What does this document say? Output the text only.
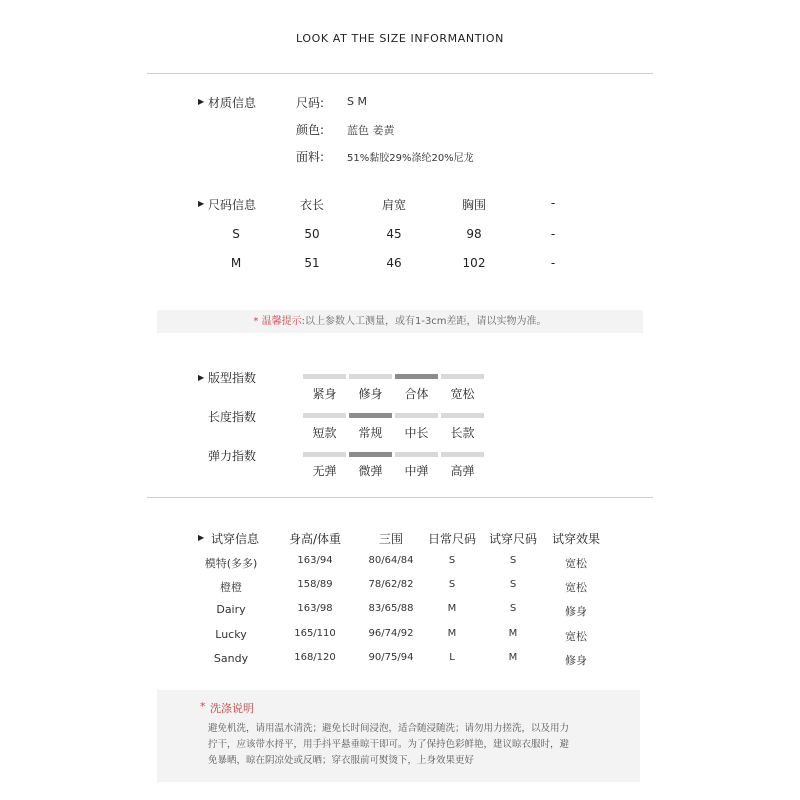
LOOK AT THE SIZE INFORMANTION
▶ 材质信息	尺码: S M
颜色: 蓝色 姜黄
面料: 51%黏胶29%涤纶20%尼龙
▶ 尺码信息	衣长	肩宽	胸围	-
S	50	45	98	-
M	51	46	102	-
* 温馨提示:以上参数人工测量，或有1-3cm差距，请以实物为准。
▶ 版型指数
长度指数
弹力指数
紧身	修身	合体	宽松
短款	常规	中长	长款
无弹	微弹	中弹	高弹
▶ 试穿信息	身高/体重	三围	日常尺码	试穿尺码	试穿效果
模特(多多)	163/94	80/64/84	S	S	宽松
橙橙	158/89	78/62/82	S	S	宽松
Dairy	163/98	83/65/88	M	S	修身
Lucky	165/110	96/74/92	M	M	宽松
Sandy	168/120	90/75/94	L	M	修身
* 洗涤说明
避免机洗，请用温水清洗；避免长时间浸泡，适合随浸随洗；请勿用力搓洗，以及用力
拧干，应该带水捋平，用手抖平悬垂晾干即可。为了保持色彩鲜艳，建议晾衣服时，避
免暴晒，晾在阴凉处或反晒；穿衣服前可熨烫下，上身效果更好
